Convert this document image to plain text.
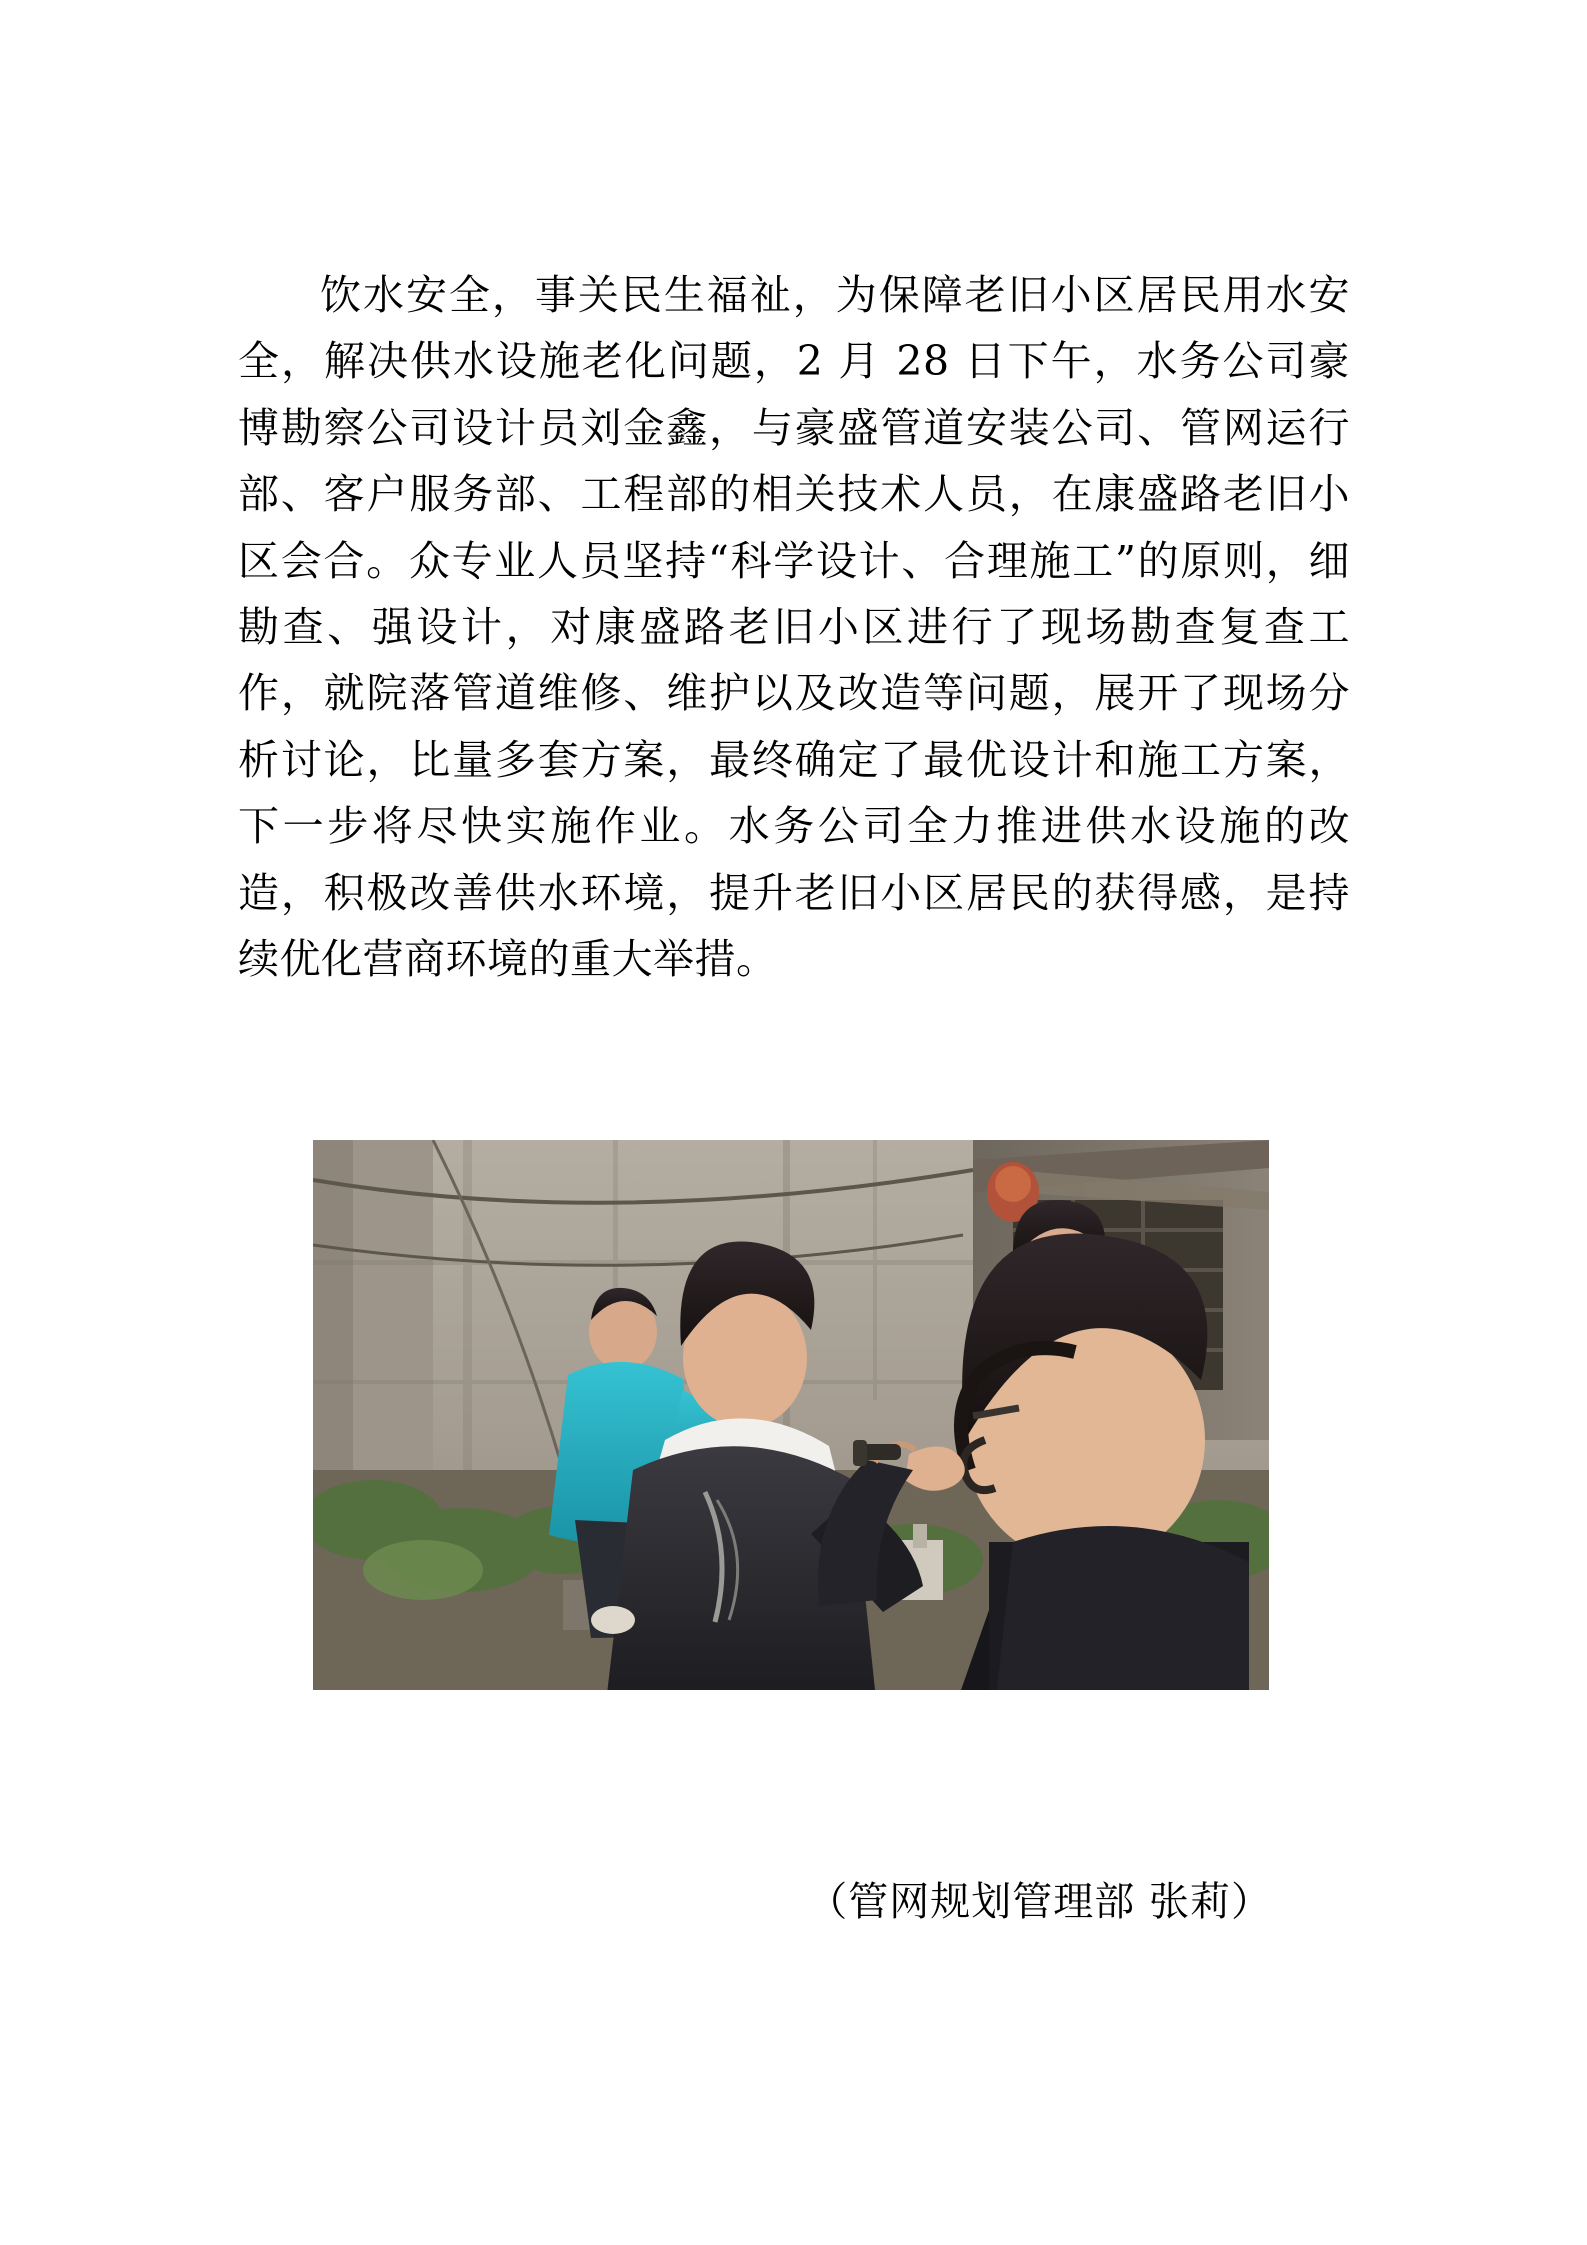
饮水安全，事关民生福祉，为保障老旧小区居民用水安全，解决供水设施老化问题，2 月 28 日下午，水务公司豪博勘察公司设计员刘金鑫，与豪盛管道安装公司、管网运行部、客户服务部、工程部的相关技术人员，在康盛路老旧小区会合。众专业人员坚持“科学设计、合理施工”的原则，细勘查、强设计，对康盛路老旧小区进行了现场勘查复查工作，就院落管道维修、维护以及改造等问题，展开了现场分析讨论，比量多套方案，最终确定了最优设计和施工方案，下一步将尽快实施作业。水务公司全力推进供水设施的改造，积极改善供水环境，提升老旧小区居民的获得感，是持续优化营商环境的重大举措。

（管网规划管理部 张莉）
